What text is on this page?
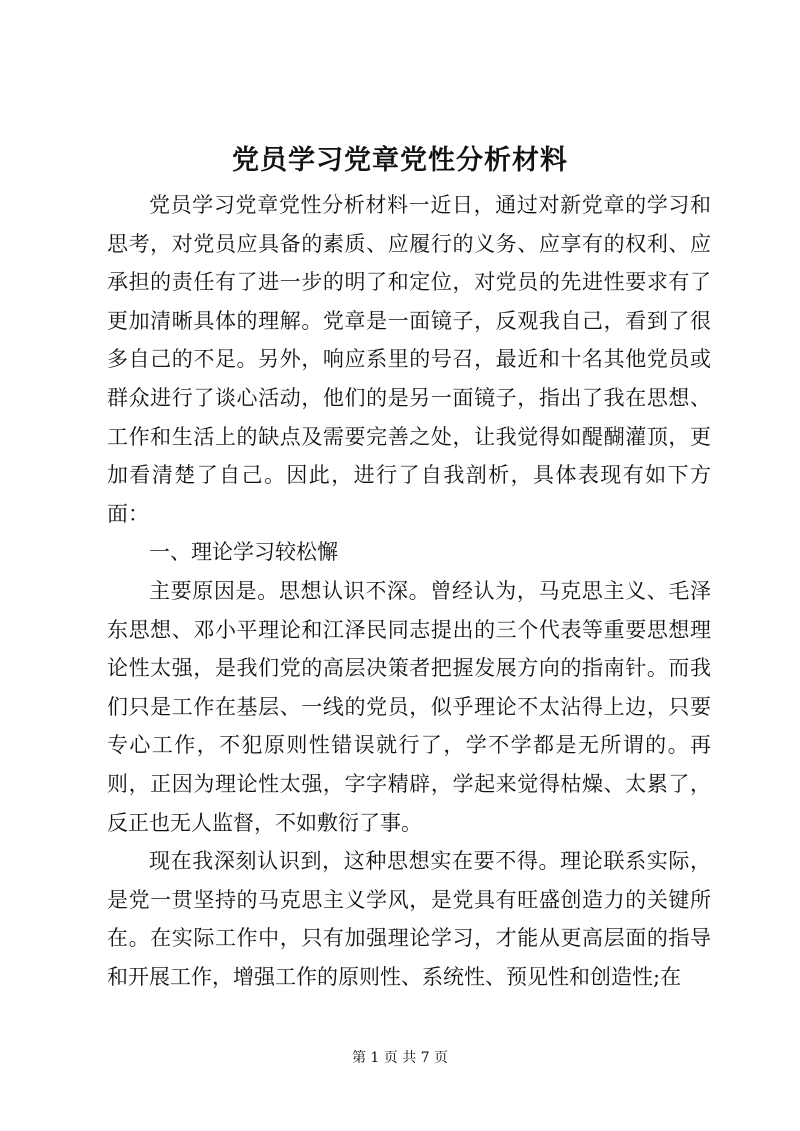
党员学习党章党性分析材料

党员学习党章党性分析材料一近日，通过对新党章的学习和思考，对党员应具备的素质、应履行的义务、应享有的权利、应承担的责任有了进一步的明了和定位，对党员的先进性要求有了更加清晰具体的理解。党章是一面镜子，反观我自己，看到了很多自己的不足。另外，响应系里的号召，最近和十名其他党员或群众进行了谈心活动，他们的是另一面镜子，指出了我在思想、工作和生活上的缺点及需要完善之处，让我觉得如醍醐灌顶，更加看清楚了自己。因此，进行了自我剖析，具体表现有如下方面：

一、理论学习较松懈

主要原因是。思想认识不深。曾经认为，马克思主义、毛泽东思想、邓小平理论和江泽民同志提出的三个代表等重要思想理论性太强，是我们党的高层决策者把握发展方向的指南针。而我们只是工作在基层、一线的党员，似乎理论不太沾得上边，只要专心工作，不犯原则性错误就行了，学不学都是无所谓的。再则，正因为理论性太强，字字精辟，学起来觉得枯燥、太累了，反正也无人监督，不如敷衍了事。

现在我深刻认识到，这种思想实在要不得。理论联系实际，是党一贯坚持的马克思主义学风，是党具有旺盛创造力的关键所在。在实际工作中，只有加强理论学习，才能从更高层面的指导和开展工作，增强工作的原则性、系统性、预见性和创造性;在

第 1 页 共 7 页
